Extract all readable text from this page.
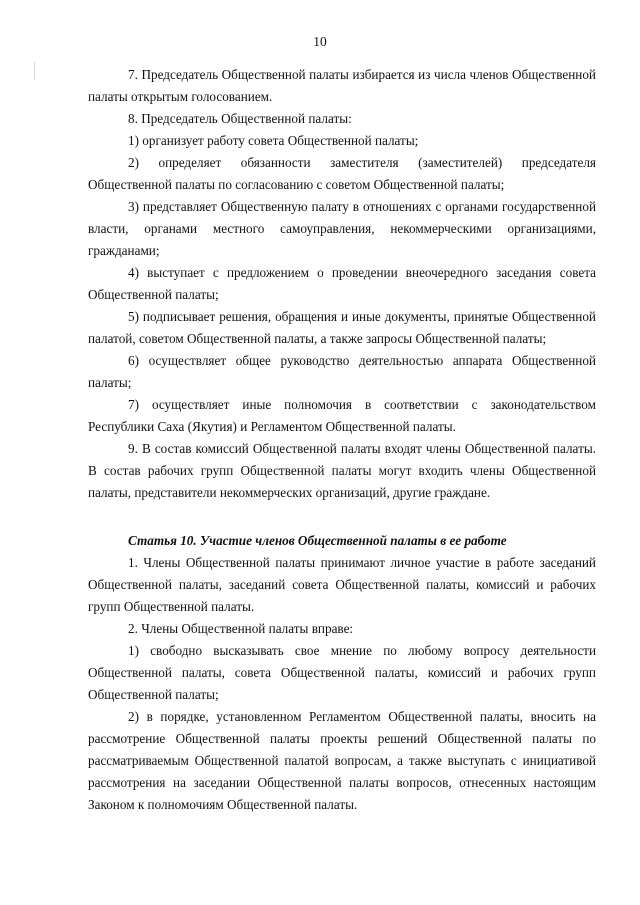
10

7. Председатель Общественной палаты избирается из числа членов Общественной палаты открытым голосованием.

8. Председатель Общественной палаты:

1) организует работу совета Общественной палаты;

2) определяет обязанности заместителя (заместителей) председателя Общественной палаты по согласованию с советом Общественной палаты;

3) представляет Общественную палату в отношениях с органами государственной власти, органами местного самоуправления, некоммерческими организациями, гражданами;

4) выступает с предложением о проведении внеочередного заседания совета Общественной палаты;

5) подписывает решения, обращения и иные документы, принятые Общественной палатой, советом Общественной палаты, а также запросы Общественной палаты;

6) осуществляет общее руководство деятельностью аппарата Общественной палаты;

7) осуществляет иные полномочия в соответствии с законодательством Республики Саха (Якутия) и Регламентом Общественной палаты.

9. В состав комиссий Общественной палаты входят члены Общественной палаты. В состав рабочих групп Общественной палаты могут входить члены Общественной палаты, представители некоммерческих организаций, другие граждане.

Статья 10. Участие членов Общественной палаты в ее работе

1. Члены Общественной палаты принимают личное участие в работе заседаний Общественной палаты, заседаний совета Общественной палаты, комиссий и рабочих групп Общественной палаты.

2. Члены Общественной палаты вправе:

1) свободно высказывать свое мнение по любому вопросу деятельности Общественной палаты, совета Общественной палаты, комиссий и рабочих групп Общественной палаты;

2) в порядке, установленном Регламентом Общественной палаты, вносить на рассмотрение Общественной палаты проекты решений Общественной палаты по рассматриваемым Общественной палатой вопросам, а также выступать с инициативой рассмотрения на заседании Общественной палаты вопросов, отнесенных настоящим Законом к полномочиям Общественной палаты.
